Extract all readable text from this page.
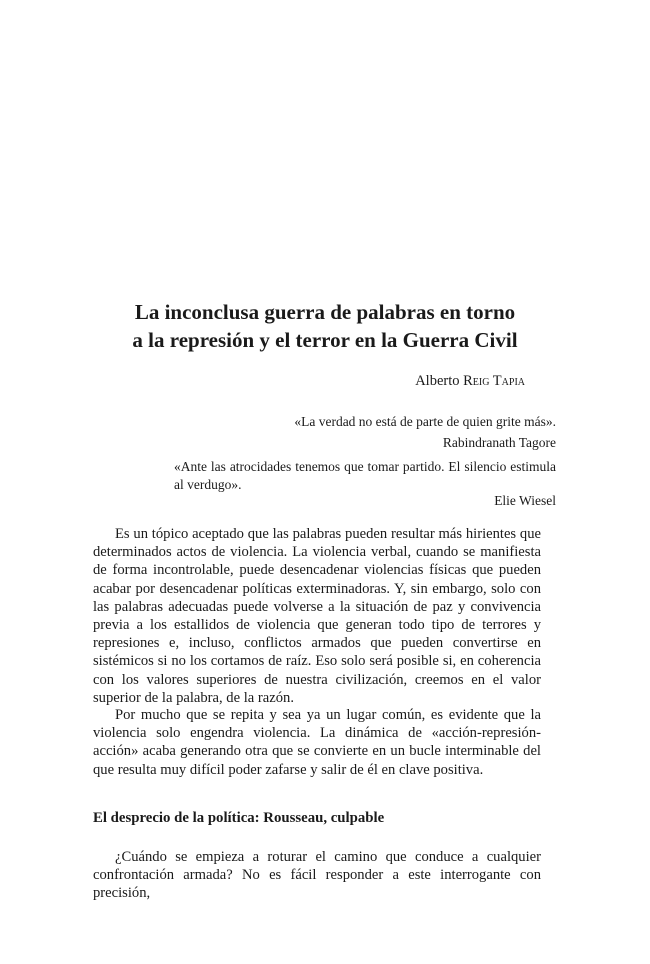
La inconclusa guerra de palabras en torno
a la represión y el terror en la Guerra Civil
Alberto Reig Tapia
«La verdad no está de parte de quien grite más».
Rabindranath Tagore
«Ante las atrocidades tenemos que tomar partido. El silencio estimula al verdugo».
Elie Wiesel

Es un tópico aceptado que las palabras pueden resultar más hirientes que determinados actos de violencia. La violencia verbal, cuando se manifiesta de forma incontrolable, puede desencadenar violencias físicas que pueden acabar por desencadenar políticas exterminadoras. Y, sin embargo, solo con las palabras adecuadas puede volverse a la situación de paz y convivencia previa a los estallidos de violencia que generan todo tipo de terrores y represiones e, incluso, conflictos armados que pueden convertirse en sistémicos si no los cortamos de raíz. Eso solo será posible si, en coherencia con los valores superiores de nuestra civilización, creemos en el valor superior de la palabra, de la razón.

Por mucho que se repita y sea ya un lugar común, es evidente que la violencia solo engendra violencia. La dinámica de «acción-represión-acción» acaba generando otra que se convierte en un bucle interminable del que resulta muy difícil poder zafarse y salir de él en clave positiva.

El desprecio de la política: Rousseau, culpable

¿Cuándo se empieza a roturar el camino que conduce a cualquier confrontación armada? No es fácil responder a este interrogante con precisión,
